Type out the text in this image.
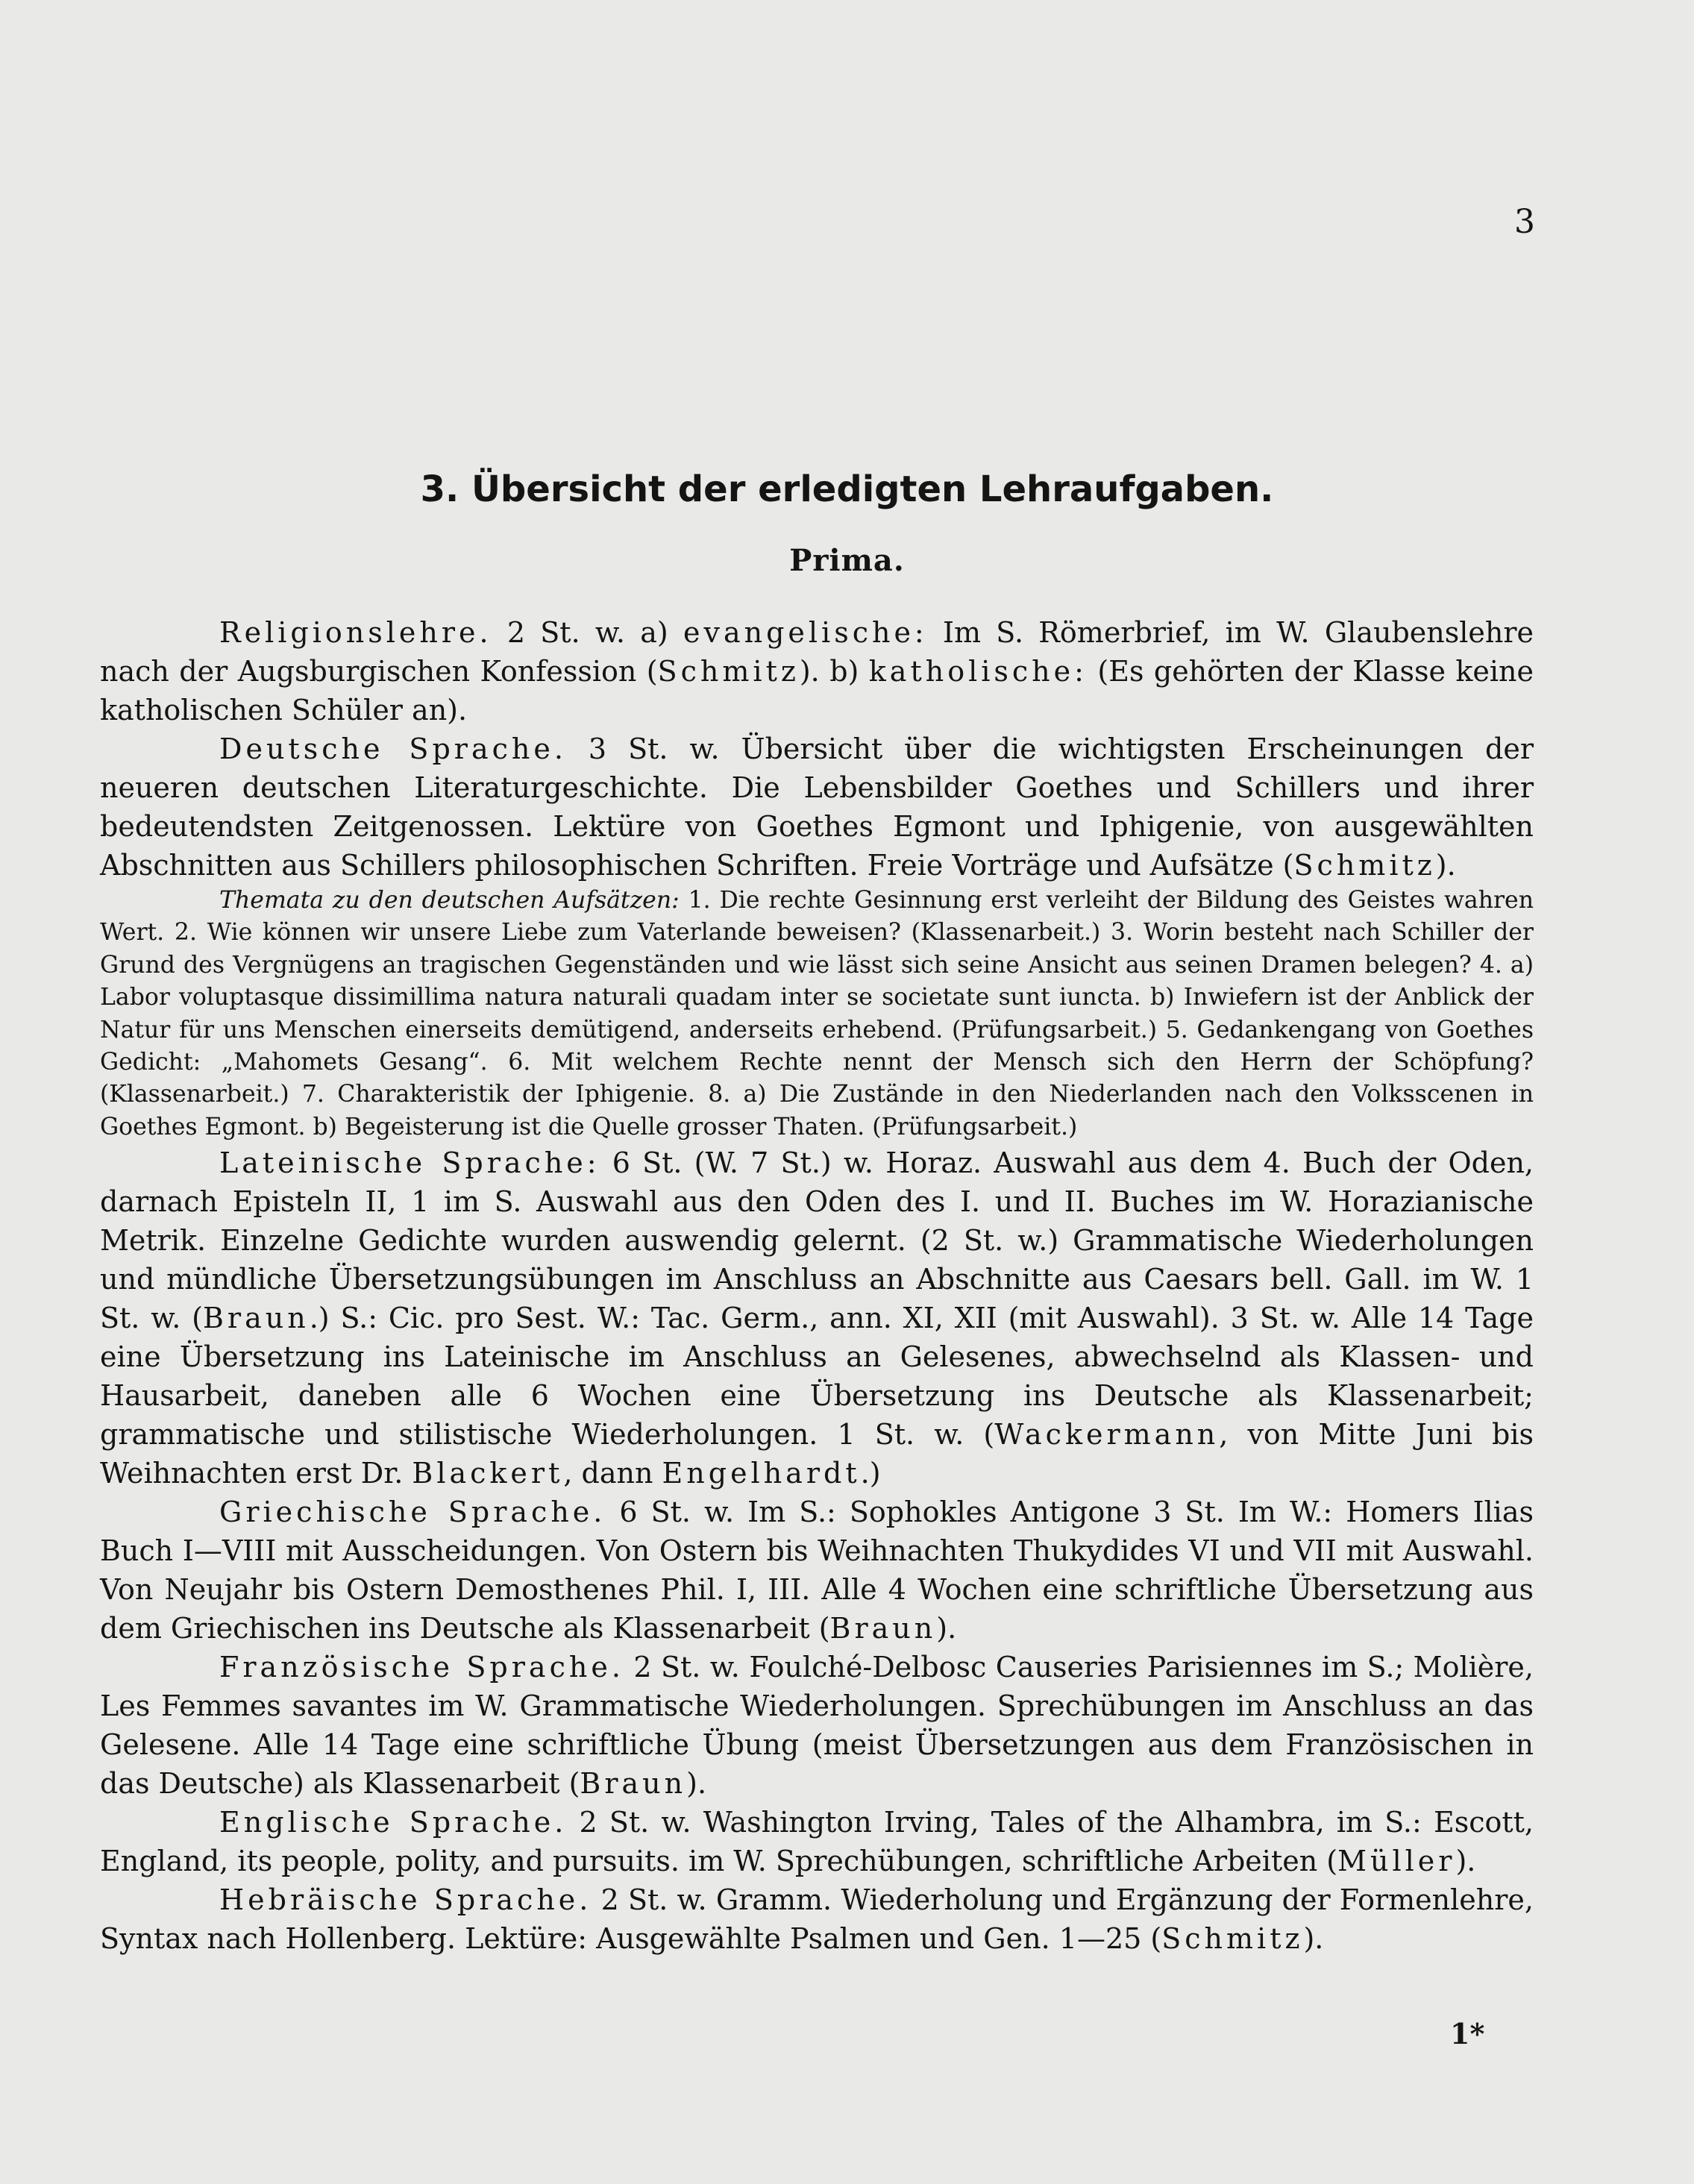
3
3. Übersicht der erledigten Lehraufgaben.
Prima.

Religionslehre. 2 St. w. a) evangelische: Im S. Römerbrief, im W. Glaubenslehre nach der Augsburgischen Konfession (Schmitz). b) katholische: (Es gehörten der Klasse keine katholischen Schüler an).

Deutsche Sprache. 3 St. w. Übersicht über die wichtigsten Erscheinungen der neueren deutschen Literaturgeschichte. Die Lebensbilder Goethes und Schillers und ihrer bedeutendsten Zeitgenossen. Lektüre von Goethes Egmont und Iphigenie, von ausgewählten Abschnitten aus Schillers philosophischen Schriften. Freie Vorträge und Aufsätze (Schmitz).

Themata zu den deutschen Aufsätzen: 1. Die rechte Gesinnung erst verleiht der Bildung des Geistes wahren Wert. 2. Wie können wir unsere Liebe zum Vaterlande beweisen? (Klassenarbeit.) 3. Worin besteht nach Schiller der Grund des Vergnügens an tragischen Gegenständen und wie lässt sich seine Ansicht aus seinen Dramen belegen? 4. a) Labor voluptasque dissimillima natura naturali quadam inter se societate sunt iuncta. b) Inwiefern ist der Anblick der Natur für uns Menschen einerseits demütigend, anderseits erhebend. (Prüfungsarbeit.) 5. Gedankengang von Goethes Gedicht: „Mahomets Gesang“. 6. Mit welchem Rechte nennt der Mensch sich den Herrn der Schöpfung? (Klassenarbeit.) 7. Charakteristik der Iphigenie. 8. a) Die Zustände in den Niederlanden nach den Volksscenen in Goethes Egmont. b) Begeisterung ist die Quelle grosser Thaten. (Prüfungsarbeit.)

Lateinische Sprache: 6 St. (W. 7 St.) w. Horaz. Auswahl aus dem 4. Buch der Oden, darnach Episteln II, 1 im S. Auswahl aus den Oden des I. und II. Buches im W. Horazianische Metrik. Einzelne Gedichte wurden auswendig gelernt. (2 St. w.) Grammatische Wiederholungen und mündliche Übersetzungsübungen im Anschluss an Abschnitte aus Caesars bell. Gall. im W. 1 St. w. (Braun.) S.: Cic. pro Sest. W.: Tac. Germ., ann. XI, XII (mit Auswahl). 3 St. w. Alle 14 Tage eine Übersetzung ins Lateinische im Anschluss an Gelesenes, abwechselnd als Klassen- und Hausarbeit, daneben alle 6 Wochen eine Übersetzung ins Deutsche als Klassenarbeit; grammatische und stilistische Wiederholungen. 1 St. w. (Wackermann, von Mitte Juni bis Weihnachten erst Dr. Blackert, dann Engelhardt.)

Griechische Sprache. 6 St. w. Im S.: Sophokles Antigone 3 St. Im W.: Homers Ilias Buch I—VIII mit Ausscheidungen. Von Ostern bis Weihnachten Thukydides VI und VII mit Auswahl. Von Neujahr bis Ostern Demosthenes Phil. I, III. Alle 4 Wochen eine schriftliche Übersetzung aus dem Griechischen ins Deutsche als Klassenarbeit (Braun).

Französische Sprache. 2 St. w. Foulché-Delbosc Causeries Parisiennes im S.; Molière, Les Femmes savantes im W. Grammatische Wiederholungen. Sprechübungen im Anschluss an das Gelesene. Alle 14 Tage eine schriftliche Übung (meist Übersetzungen aus dem Französischen in das Deutsche) als Klassenarbeit (Braun).

Englische Sprache. 2 St. w. Washington Irving, Tales of the Alhambra, im S.: Escott, England, its people, polity, and pursuits. im W. Sprechübungen, schriftliche Arbeiten (Müller).

Hebräische Sprache. 2 St. w. Gramm. Wiederholung und Ergänzung der Formenlehre, Syntax nach Hollenberg. Lektüre: Ausgewählte Psalmen und Gen. 1—25 (Schmitz).

1*
